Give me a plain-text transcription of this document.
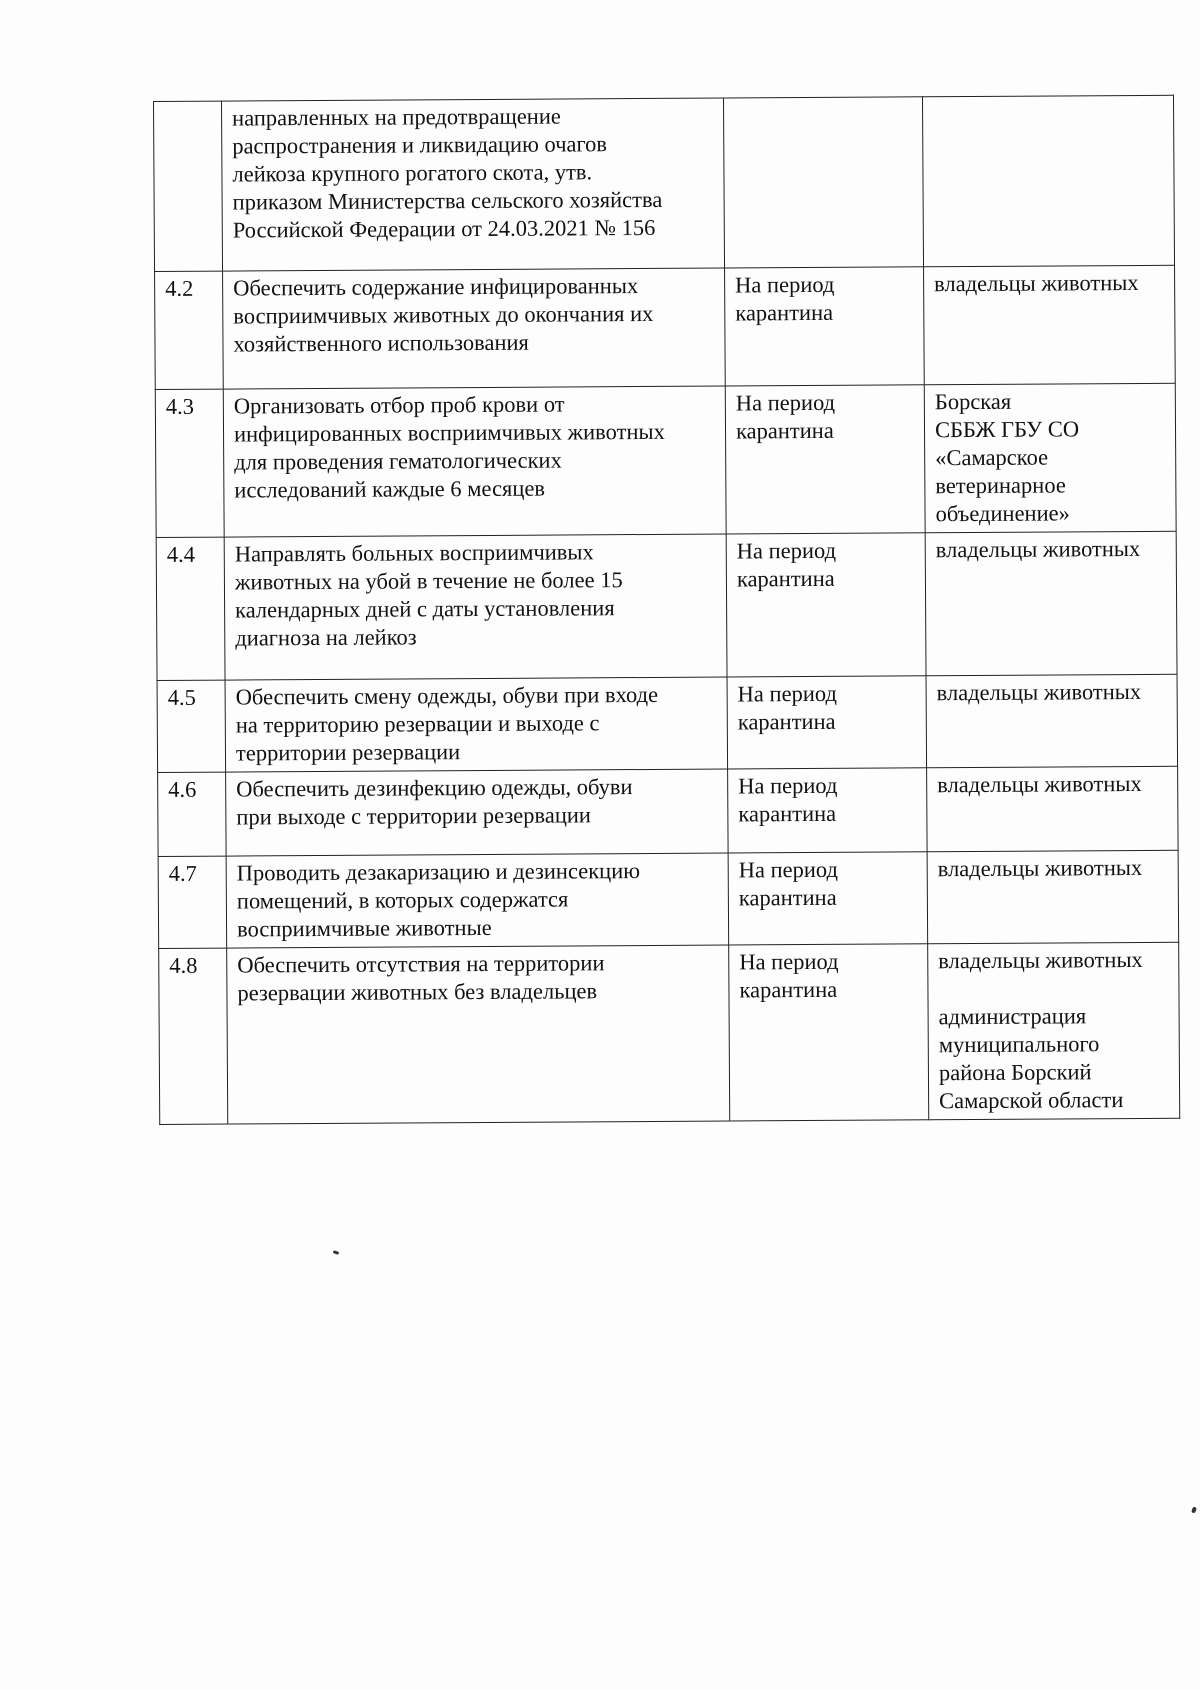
	направленных на предотвращение
распространения и ликвидацию очагов
лейкоза крупного рогатого скота, утв.
приказом Министерства сельского хозяйства
Российской Федерации от 24.03.2021 № 156		

4.2	Обеспечить содержание инфицированных
восприимчивых животных до окончания их
хозяйственного использования	На период
карантина	владельцы животных

4.3	Организовать отбор проб крови от
инфицированных восприимчивых животных
для проведения гематологических
исследований каждые 6 месяцев	На период
карантина	Борская
СББЖ ГБУ СО
«Самарское
ветеринарное
объединение»

4.4	Направлять больных восприимчивых
животных на убой в течение не более 15
календарных дней с даты установления
диагноза на лейкоз	На период
карантина	владельцы животных

4.5	Обеспечить смену одежды, обуви при входе
на территорию резервации и выходе с
территории резервации	На период
карантина	владельцы животных

4.6	Обеспечить дезинфекцию одежды, обуви
при выходе с территории резервации	На период
карантина	владельцы животных

4.7	Проводить дезакаризацию и дезинсекцию
помещений, в которых содержатся
восприимчивые животные	На период
карантина	владельцы животных

4.8	Обеспечить отсутствия на территории
резервации животных без владельцев	На период
карантина	владельцы животных
администрация
муниципального
района Борский
Самарской области
